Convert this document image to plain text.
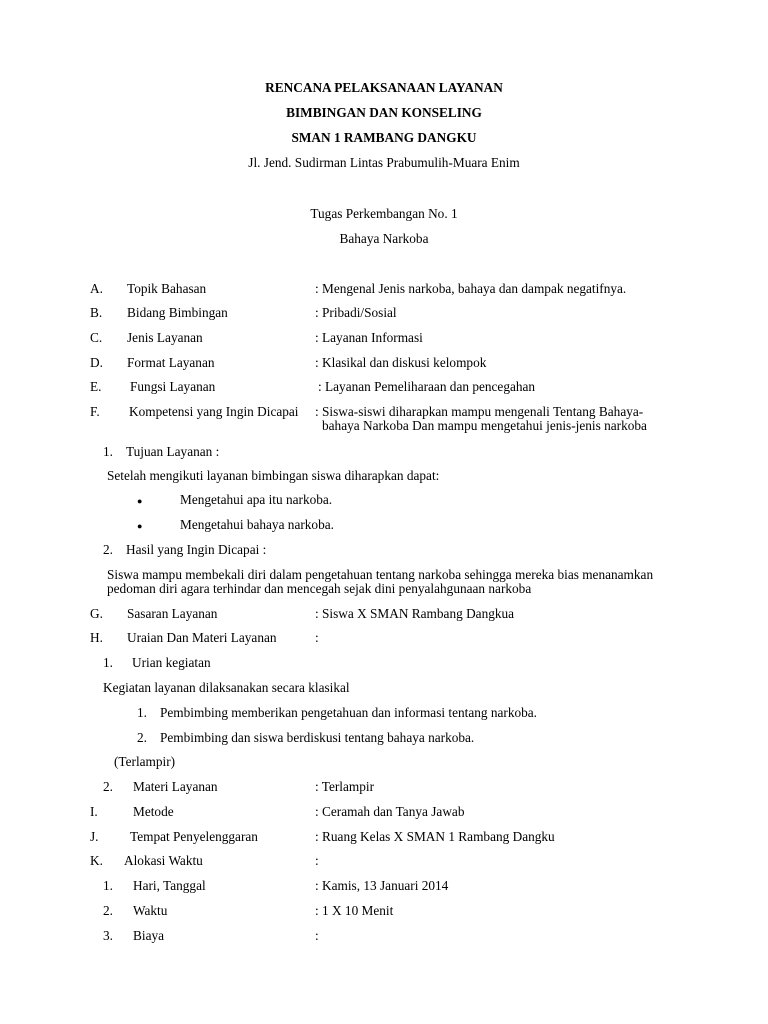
RENCANA PELAKSANAAN LAYANAN
BIMBINGAN DAN KONSELING
SMAN 1 RAMBANG DANGKU
Jl. Jend. Sudirman Lintas Prabumulih-Muara Enim
Tugas Perkembangan No. 1
Bahaya Narkoba
A. Topik Bahasan	: Mengenal Jenis narkoba, bahaya dan dampak negatifnya.
B. Bidang Bimbingan	: Pribadi/Sosial
C. Jenis Layanan	: Layanan Informasi
D. Format Layanan	: Klasikal dan diskusi kelompok
E. Fungsi Layanan	: Layanan Pemeliharaan dan pencegahan
F. Kompetensi yang Ingin Dicapai : Siswa-siswi diharapkan mampu mengenali Tentang Bahaya-
bahaya Narkoba Dan mampu mengetahui jenis-jenis narkoba
1. Tujuan Layanan :
Setelah mengikuti layanan bimbingan siswa diharapkan dapat:
●	Mengetahui apa itu narkoba.
●	Mengetahui bahaya narkoba.
2. Hasil yang Ingin Dicapai :
Siswa mampu membekali diri dalam pengetahuan tentang narkoba sehingga mereka bias menanamkan
pedoman diri agara terhindar dan mencegah sejak dini penyalahgunaan narkoba
G. Sasaran Layanan	: Siswa X SMAN Rambang Dangkua
H. Uraian Dan Materi Layanan	:
1. Urian kegiatan
Kegiatan layanan dilaksanakan secara klasikal
1. Pembimbing memberikan pengetahuan dan informasi tentang narkoba.
2. Pembimbing dan siswa berdiskusi tentang bahaya narkoba.
(Terlampir)
2. Materi Layanan	: Terlampir
I.	Metode	: Ceramah dan Tanya Jawab
J. Tempat Penyelenggaran	: Ruang Kelas X SMAN 1 Rambang Dangku
K. Alokasi Waktu	:
1. Hari, Tanggal	: Kamis, 13 Januari 2014
2. Waktu	: 1 X 10 Menit
3. Biaya	:
